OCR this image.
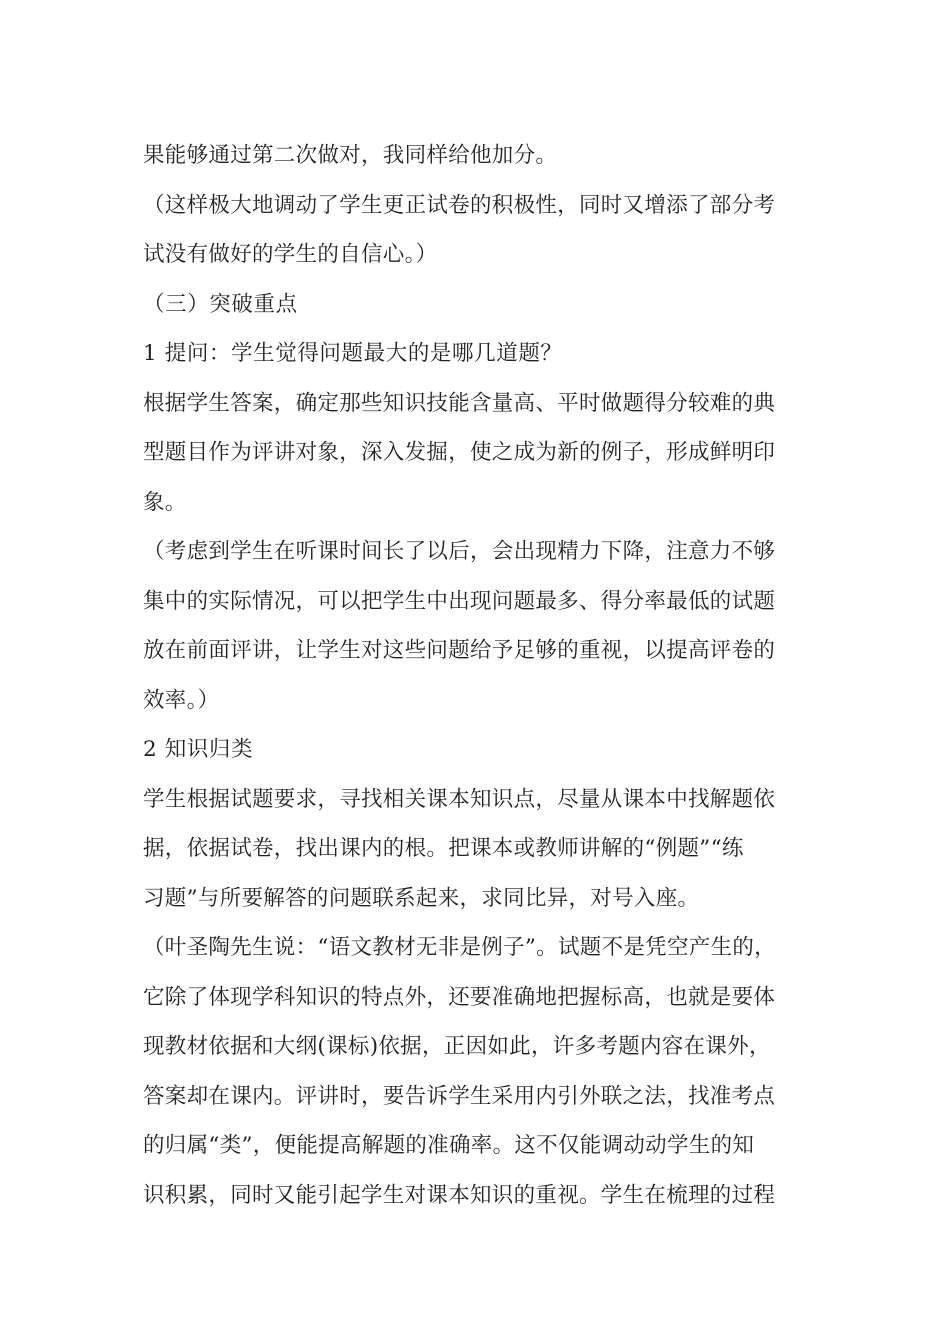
果能够通过第二次做对，我同样给他加分。
（这样极大地调动了学生更正试卷的积极性，同时又增添了部分考
试没有做好的学生的自信心。）
（三）突破重点
1 提问：学生觉得问题最大的是哪几道题？
根据学生答案，确定那些知识技能含量高、平时做题得分较难的典
型题目作为评讲对象，深入发掘，使之成为新的例子，形成鲜明印
象。
（考虑到学生在听课时间长了以后，会出现精力下降，注意力不够
集中的实际情况，可以把学生中出现问题最多、得分率最低的试题
放在前面评讲，让学生对这些问题给予足够的重视，以提高评卷的
效率。）
2 知识归类
学生根据试题要求，寻找相关课本知识点，尽量从课本中找解题依
据，依据试卷，找出课内的根。把课本或教师讲解的“例题”“练
习题”与所要解答的问题联系起来，求同比异，对号入座。
（叶圣陶先生说：“语文教材无非是例子”。试题不是凭空产生的，
它除了体现学科知识的特点外，还要准确地把握标高，也就是要体
现教材依据和大纲(课标)依据，正因如此，许多考题内容在课外，
答案却在课内。评讲时，要告诉学生采用内引外联之法，找准考点
的归属“类”，便能提高解题的准确率。这不仅能调动动学生的知
识积累，同时又能引起学生对课本知识的重视。学生在梳理的过程
